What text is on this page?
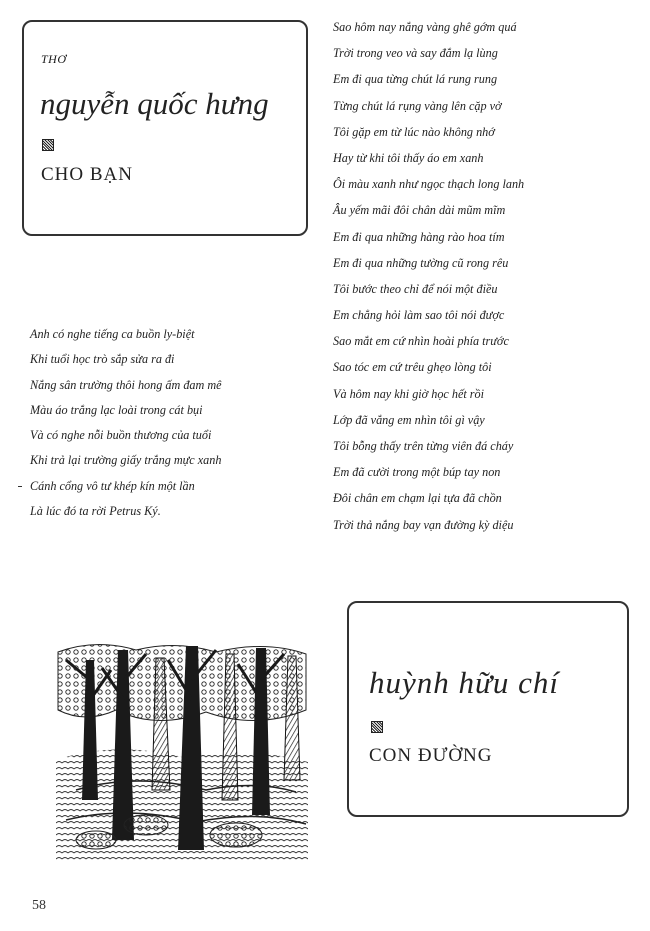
THƠ
nguyễn quốc hưng
CHO BẠN
Sao hôm nay nắng vàng ghê gớm quá
Trời trong veo và say đắm lạ lùng
Em đi qua từng chút lá rung rung
Từng chút lá rụng vàng lên cặp vở
Tôi gặp em từ lúc nào không nhớ
Hay từ khi tôi thấy áo em xanh
Ôi màu xanh như ngọc thạch long lanh
Âu yếm mãi đôi chân dài mũm mĩm
Em đi qua những hàng rào hoa tím
Em đi qua những tường cũ rong rêu
Tôi bước theo chỉ để nói một điều
Em chẳng hỏi làm sao tôi nói được
Sao mắt em cứ nhìn hoài phía trước
Sao tóc em cứ trêu ghẹo lòng tôi
Và hôm nay khi giờ học hết rồi
Lớp đã vắng em nhìn tôi gì vậy
Tôi bỗng thấy trên từng viên đá cháy
Em đã cười trong một búp tay non
Đôi chân em chạm lại tựa đã chồn
Trời thả nắng bay vạn đường kỳ diệu
Anh có nghe tiếng ca buồn ly-biệt
Khi tuổi học trò sắp sửa ra đi
Nắng sân trường thôi hong ấm đam mê
Màu áo trắng lạc loài trong cát bụi
Và có nghe nỗi buồn thương của tuổi
Khi trả lại trường giấy trắng mực xanh
Cánh cổng vô tư khép kín một lần
Là lúc đó ta rời Petrus Ký.
huỳnh hữu chí
CON ĐƯỜNG
58
